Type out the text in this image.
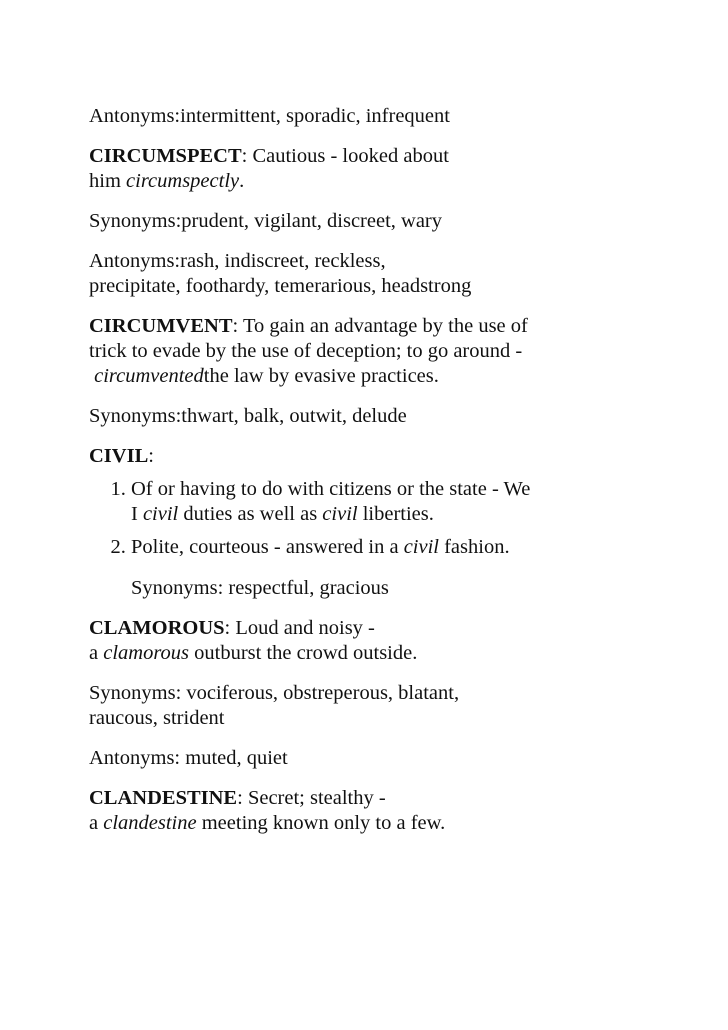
Antonyms:intermittent, sporadic, infrequent

CIRCUMSPECT: Cautious - looked about
him circumspectly.

Synonyms:prudent, vigilant, discreet, wary

Antonyms:rash, indiscreet, reckless,
precipitate, foothardy, temerarious, headstrong

CIRCUMVENT: To gain an advantage by the use of
trick to evade by the use of deception; to go around -
circumventedthe law by evasive practices.

Synonyms:thwart, balk, outwit, delude

CIVIL:

1. Of or having to do with citizens or the state - We
I civil duties as well as civil liberties.
2. Polite, courteous - answered in a civil fashion.

Synonyms: respectful, gracious

CLAMOROUS: Loud and noisy -
a clamorous outburst the crowd outside.

Synonyms: vociferous, obstreperous, blatant,
raucous, strident

Antonyms: muted, quiet

CLANDESTINE: Secret; stealthy -
a clandestine meeting known only to a few.
